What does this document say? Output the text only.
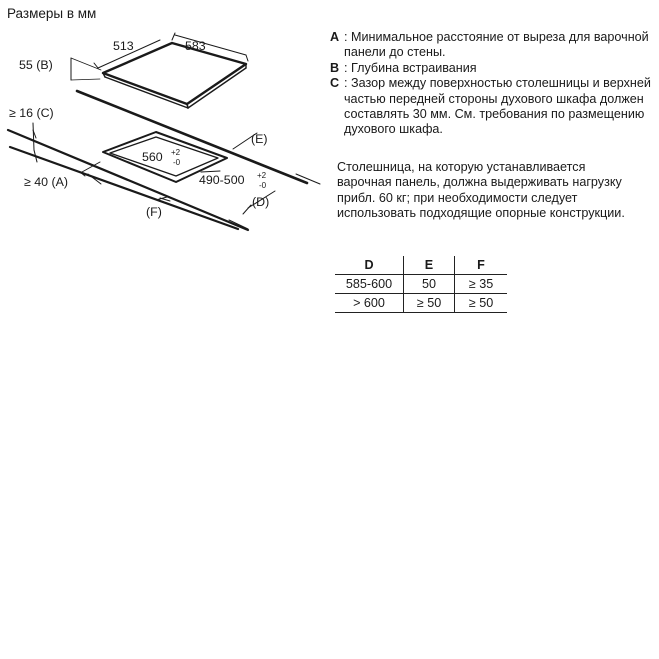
Размеры в мм
513	583
55 (B)
≥ 16 (C)
≥ 40 (A)
560 +2
-0
490-500 +2
-0
(E)
(D)
(F)
A : Минимальное расстояние от выреза для варочной панели до стены.
B : Глубина встраивания
C : Зазор между поверхностью столешницы и верхней частью передней стороны духового шкафа должен составлять 30 мм. См. требования по размещению духового шкафа.
Столешница, на которую устанавливается варочная панель, должна выдерживать нагрузку прибл. 60 кг; при необходимости следует использовать подходящие опорные конструкции.
D	E	F
585-600	50	≥ 35
> 600	≥ 50	≥ 50
